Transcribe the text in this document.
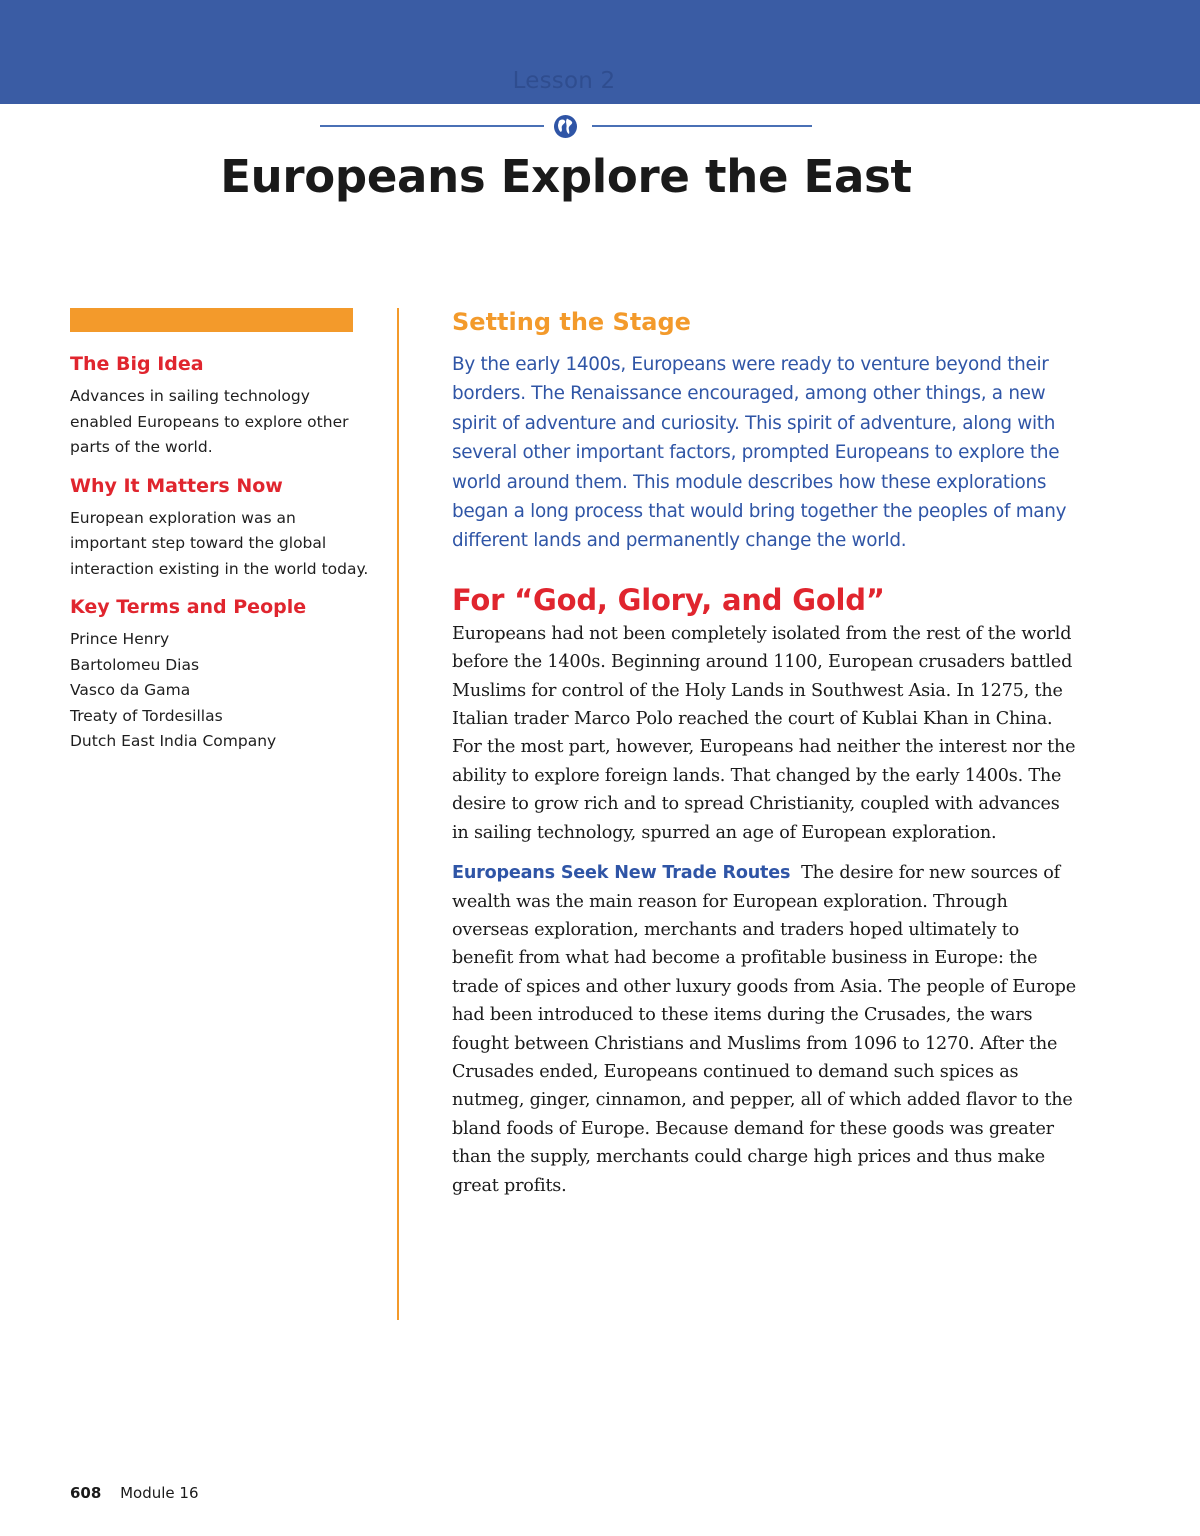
Lesson 2
Europeans Explore the East
The Big Idea
Advances in sailing technology enabled Europeans to explore other parts of the world.
Why It Matters Now
European exploration was an important step toward the global interaction existing in the world today.
Key Terms and People
Prince Henry
Bartolomeu Dias
Vasco da Gama
Treaty of Tordesillas
Dutch East India Company
Setting the Stage

By the early 1400s, Europeans were ready to venture beyond their borders. The Renaissance encouraged, among other things, a new spirit of adventure and curiosity. This spirit of adventure, along with several other important factors, prompted Europeans to explore the world around them. This module describes how these explorations began a long process that would bring together the peoples of many different lands and permanently change the world.

For “God, Glory, and Gold”

Europeans had not been completely isolated from the rest of the world before the 1400s. Beginning around 1100, European crusaders battled Muslims for control of the Holy Lands in Southwest Asia. In 1275, the Italian trader Marco Polo reached the court of Kublai Khan in China. For the most part, however, Europeans had neither the interest nor the ability to explore foreign lands. That changed by the early 1400s. The desire to grow rich and to spread Christianity, coupled with advances in sailing technology, spurred an age of European exploration.

Europeans Seek New Trade Routes The desire for new sources of wealth was the main reason for European exploration. Through overseas exploration, merchants and traders hoped ultimately to benefit from what had become a profitable business in Europe: the trade of spices and other luxury goods from Asia. The people of Europe had been introduced to these items during the Crusades, the wars fought between Christians and Muslims from 1096 to 1270. After the Crusades ended, Europeans continued to demand such spices as nutmeg, ginger, cinnamon, and pepper, all of which added flavor to the bland foods of Europe. Because demand for these goods was greater than the supply, merchants could charge high prices and thus make great profits.

608 Module 16
